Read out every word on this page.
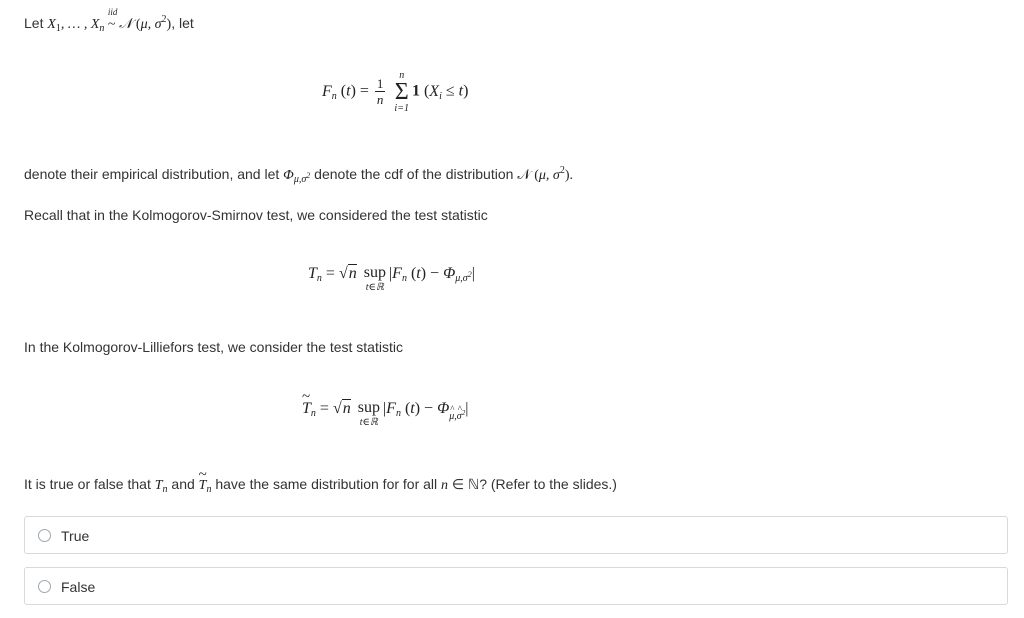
Let $X_1$, … , $X_n$
iid
~ 𝒩 (μ, $\sigma^2$), let
$F_n$ $(t) = \frac{1}{n}$

n
Σ
i=1
1 $(X_i \le t)$
denote their empirical distribution, and let $\Phi_{\mu,\sigma^2}$ denote the cdf of the distribution 𝒩 (μ, $\sigma^2$).
Recall that in the Kolmogorov-Smirnov test, we considered the test statistic
$T_n = √n$ sup
t∈ℝ
$|F_n$ $(t) - \Phi_{\mu,\sigma^2}|$
In the Kolmogorov-Lilliefors test, we consider the test statistic
~ $T_n = √n$ sup
t∈ℝ
$|F_n$ (t) − Φ^ $_{\mu,\^{} \sigma^2}$|
It is true or false that $T_n$ and ~ $T_n$ have the same distribution for for all n ∈ ℕ? (Refer to the slides.)
True
False
